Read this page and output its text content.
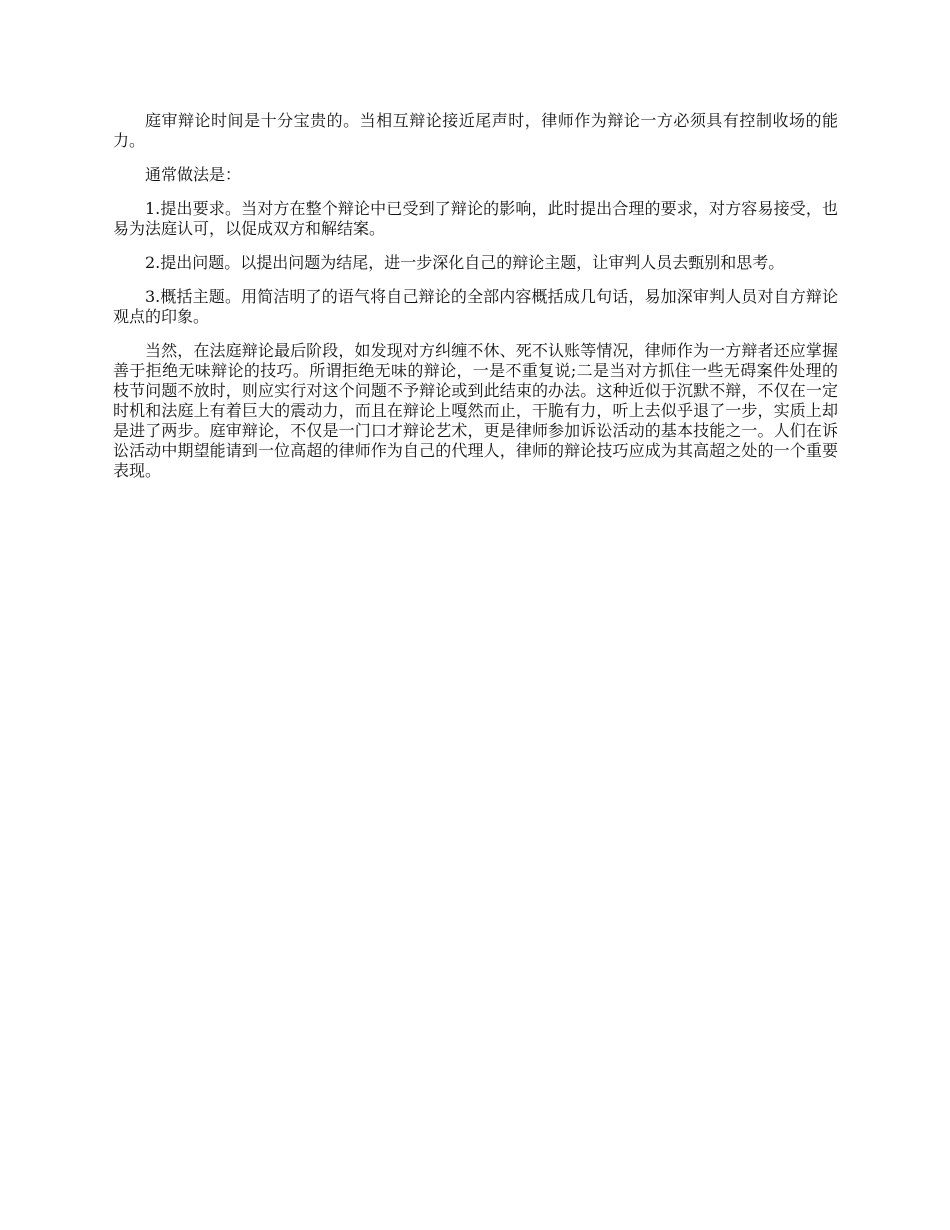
庭审辩论时间是十分宝贵的。当相互辩论接近尾声时，律师作为辩论一方必须具有控制收场的能力。

通常做法是：

1.提出要求。当对方在整个辩论中已受到了辩论的影响，此时提出合理的要求，对方容易接受，也易为法庭认可，以促成双方和解结案。

2.提出问题。以提出问题为结尾，进一步深化自己的辩论主题，让审判人员去甄别和思考。

3.概括主题。用简洁明了的语气将自己辩论的全部内容概括成几句话，易加深审判人员对自方辩论观点的印象。

当然，在法庭辩论最后阶段，如发现对方纠缠不休、死不认账等情况，律师作为一方辩者还应掌握善于拒绝无味辩论的技巧。所谓拒绝无味的辩论，一是不重复说;二是当对方抓住一些无碍案件处理的枝节问题不放时，则应实行对这个问题不予辩论或到此结束的办法。这种近似于沉默不辩，不仅在一定时机和法庭上有着巨大的震动力，而且在辩论上嘎然而止，干脆有力，听上去似乎退了一步，实质上却是进了两步。庭审辩论，不仅是一门口才辩论艺术，更是律师参加诉讼活动的基本技能之一。人们在诉讼活动中期望能请到一位高超的律师作为自己的代理人，律师的辩论技巧应成为其高超之处的一个重要表现。
